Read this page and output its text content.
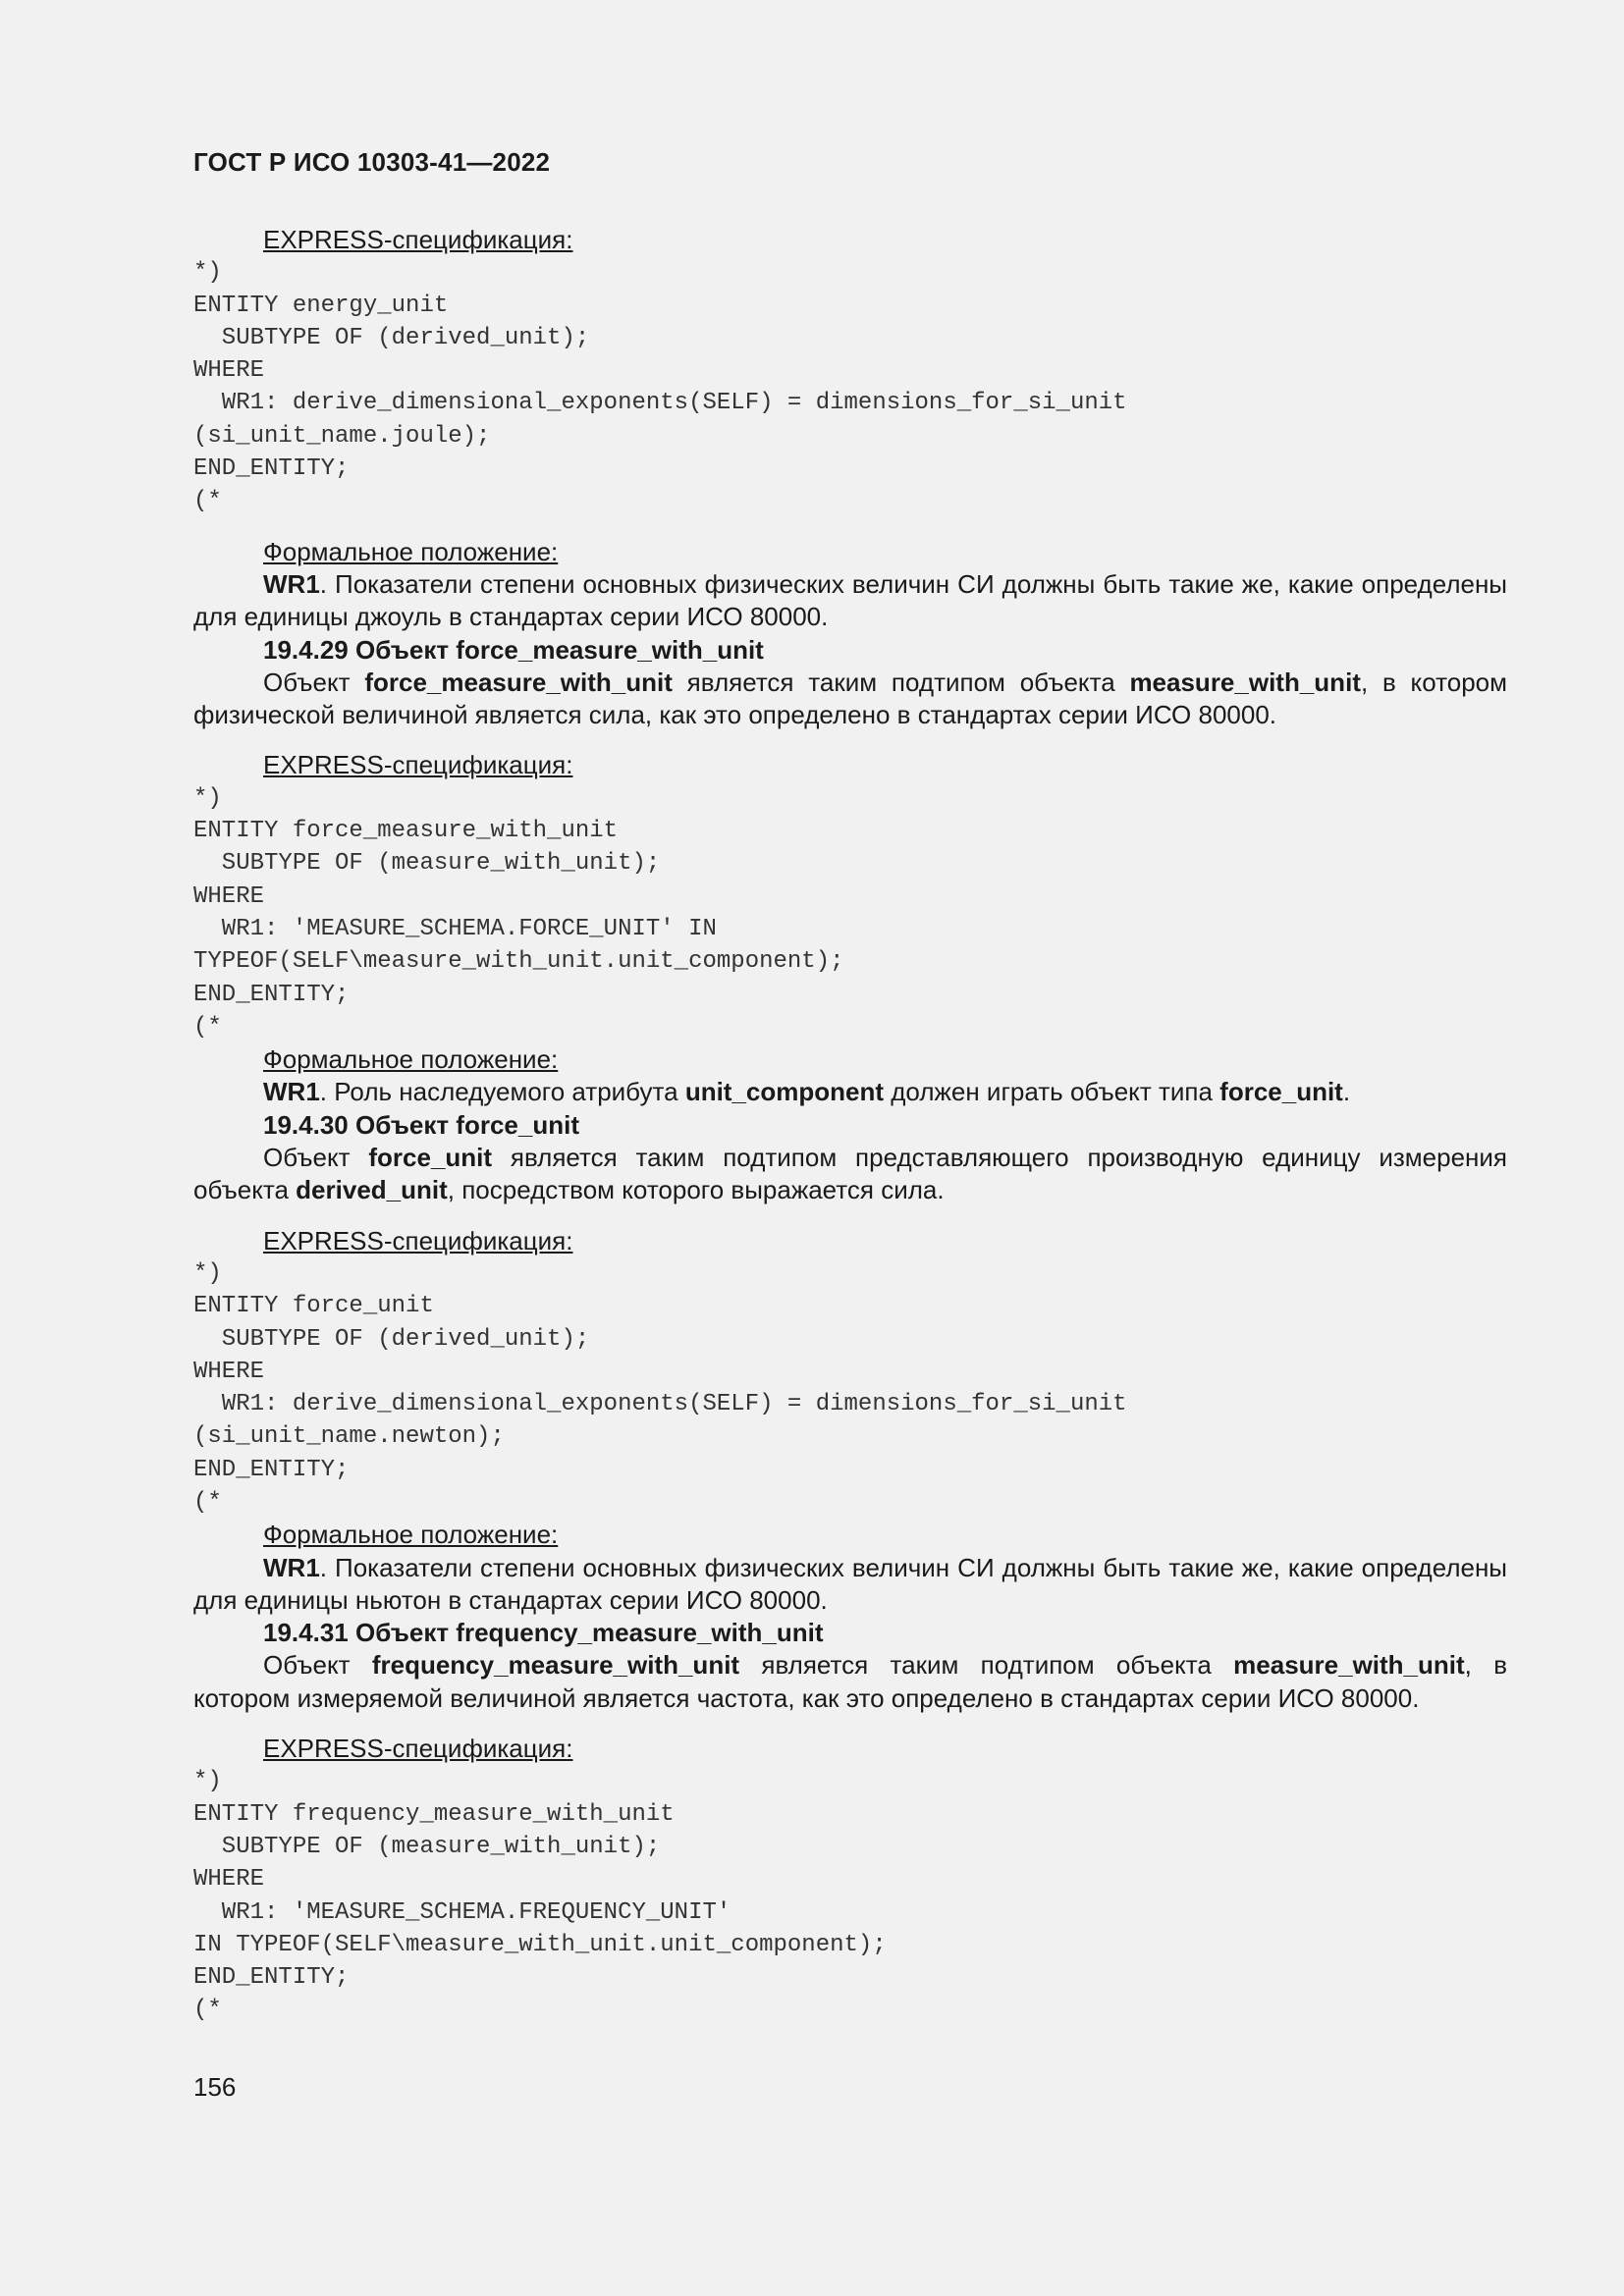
ГОСТ Р ИСО 10303-41—2022

EXPRESS-спецификация:

*)
ENTITY energy_unit
SUBTYPE OF (derived_unit);
WHERE
WR1: derive_dimensional_exponents(SELF) = dimensions_for_si_unit
(si_unit_name.joule);
END_ENTITY;
(*

Формальное положение:

WR1. Показатели степени основных физических величин СИ должны быть такие же, какие определены для единицы джоуль в стандартах серии ИСО 80000.

19.4.29 Объект force_measure_with_unit

Объект force_measure_with_unit является таким подтипом объекта measure_with_unit, в котором физической величиной является сила, как это определено в стандартах серии ИСО 80000.

EXPRESS-спецификация:

*)
ENTITY force_measure_with_unit
SUBTYPE OF (measure_with_unit);
WHERE
WR1: 'MEASURE_SCHEMA.FORCE_UNIT' IN
TYPEOF(SELF\measure_with_unit.unit_component);
END_ENTITY;
(*

Формальное положение:

WR1. Роль наследуемого атрибута unit_component должен играть объект типа force_unit.

19.4.30 Объект force_unit

Объект force_unit является таким подтипом представляющего производную единицу измерения объекта derived_unit, посредством которого выражается сила.

EXPRESS-спецификация:

*)
ENTITY force_unit
SUBTYPE OF (derived_unit);
WHERE
WR1: derive_dimensional_exponents(SELF) = dimensions_for_si_unit
(si_unit_name.newton);
END_ENTITY;
(*

Формальное положение:

WR1. Показатели степени основных физических величин СИ должны быть такие же, какие определены для единицы ньютон в стандартах серии ИСО 80000.

19.4.31 Объект frequency_measure_with_unit

Объект frequency_measure_with_unit является таким подтипом объекта measure_with_unit, в котором измеряемой величиной является частота, как это определено в стандартах серии ИСО 80000.

EXPRESS-спецификация:

*)
ENTITY frequency_measure_with_unit
SUBTYPE OF (measure_with_unit);
WHERE
WR1: 'MEASURE_SCHEMA.FREQUENCY_UNIT'
IN TYPEOF(SELF\measure_with_unit.unit_component);
END_ENTITY;
(*
156
